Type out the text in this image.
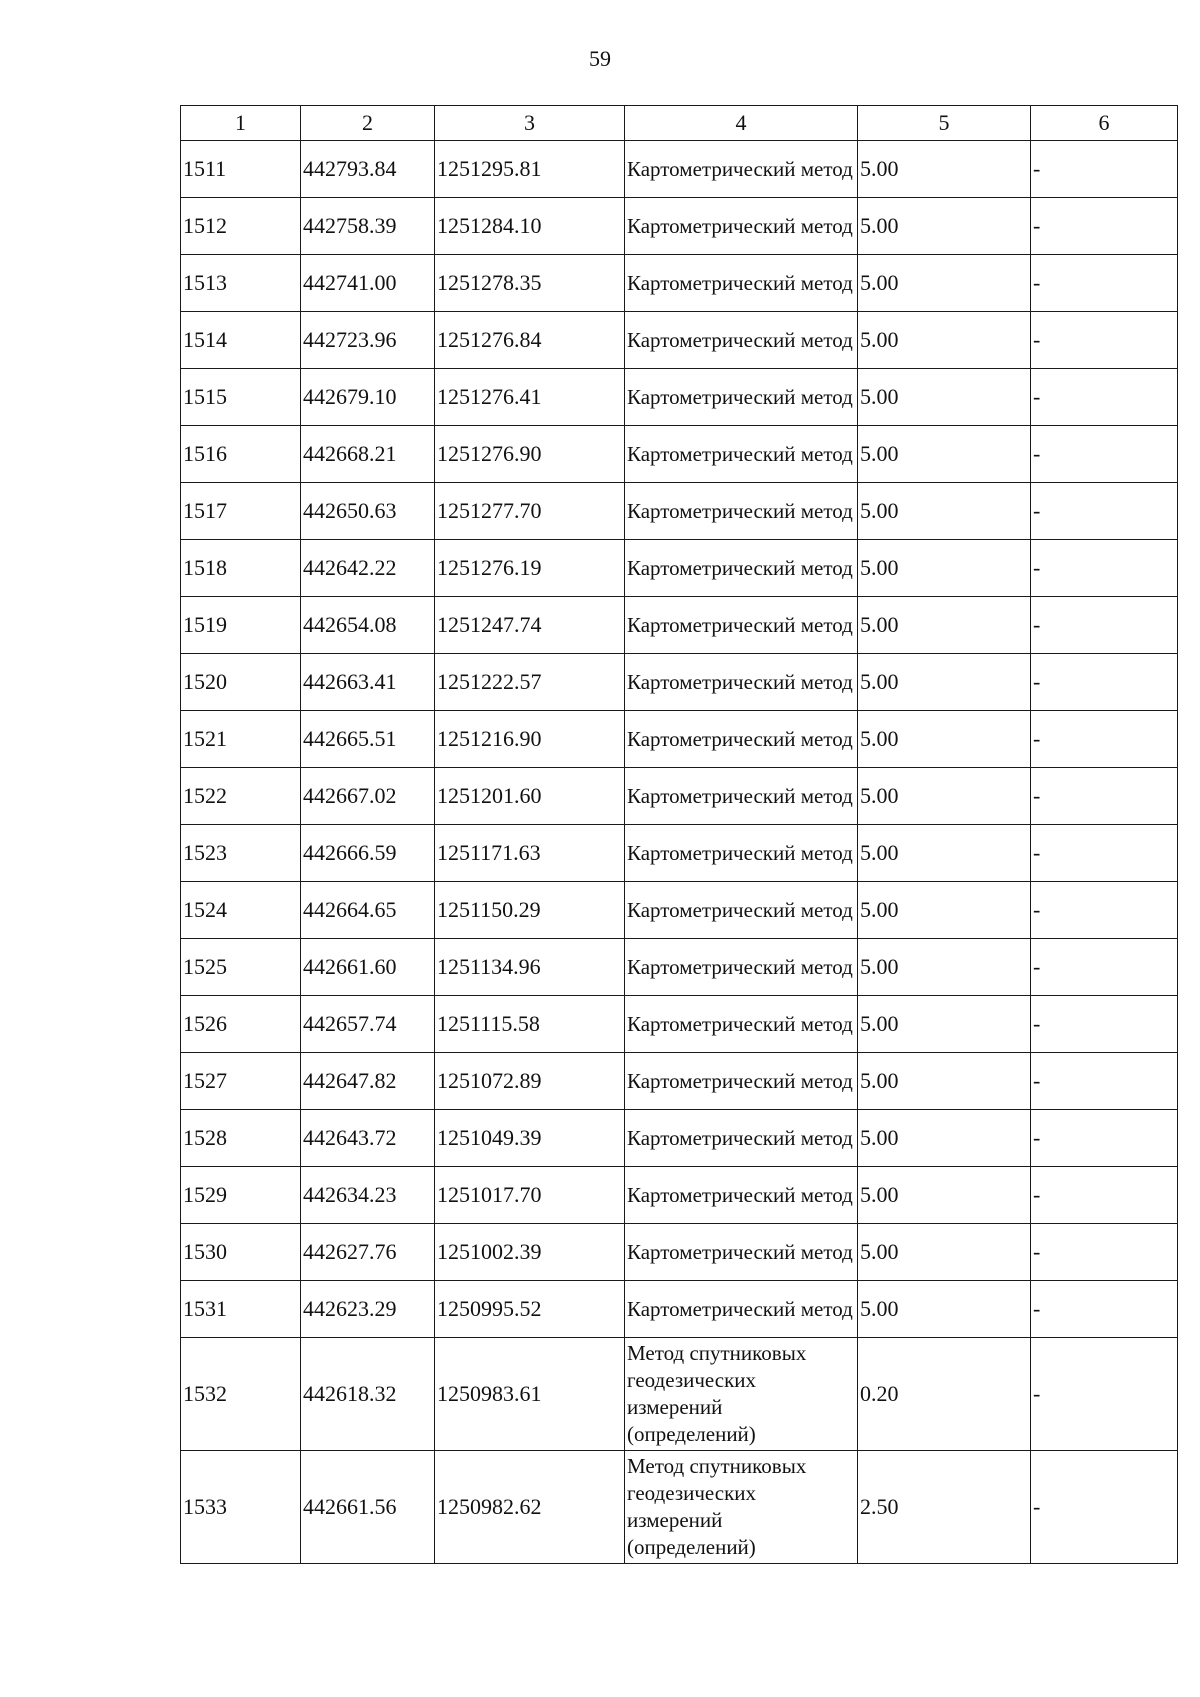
59
1	2	3	4	5	6
1511	442793.84	1251295.81	Картометрический метод	5.00	-
1512	442758.39	1251284.10	Картометрический метод	5.00	-
1513	442741.00	1251278.35	Картометрический метод	5.00	-
1514	442723.96	1251276.84	Картометрический метод	5.00	-
1515	442679.10	1251276.41	Картометрический метод	5.00	-
1516	442668.21	1251276.90	Картометрический метод	5.00	-
1517	442650.63	1251277.70	Картометрический метод	5.00	-
1518	442642.22	1251276.19	Картометрический метод	5.00	-
1519	442654.08	1251247.74	Картометрический метод	5.00	-
1520	442663.41	1251222.57	Картометрический метод	5.00	-
1521	442665.51	1251216.90	Картометрический метод	5.00	-
1522	442667.02	1251201.60	Картометрический метод	5.00	-
1523	442666.59	1251171.63	Картометрический метод	5.00	-
1524	442664.65	1251150.29	Картометрический метод	5.00	-
1525	442661.60	1251134.96	Картометрический метод	5.00	-
1526	442657.74	1251115.58	Картометрический метод	5.00	-
1527	442647.82	1251072.89	Картометрический метод	5.00	-
1528	442643.72	1251049.39	Картометрический метод	5.00	-
1529	442634.23	1251017.70	Картометрический метод	5.00	-
1530	442627.76	1251002.39	Картометрический метод	5.00	-
1531	442623.29	1250995.52	Картометрический метод	5.00	-
1532	442618.32	1250983.61	Метод спутниковых геодезических измерений (определений)	0.20	-
1533	442661.56	1250982.62	Метод спутниковых геодезических измерений (определений)	2.50	-
